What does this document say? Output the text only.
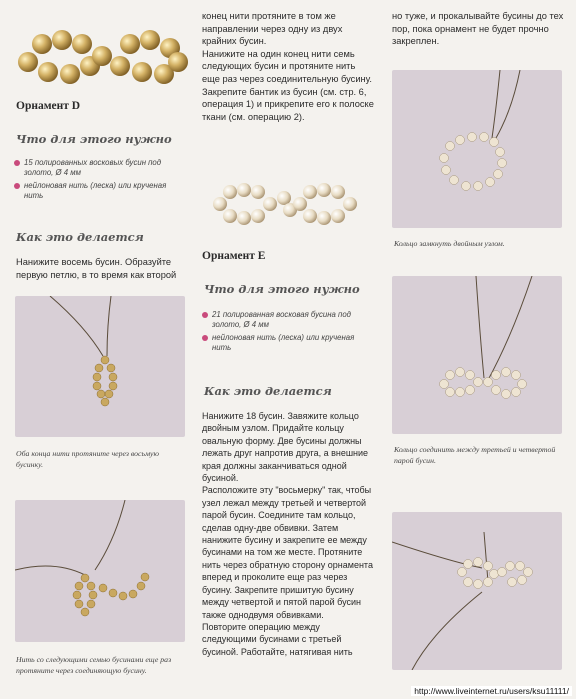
Орнамент D
Что для этого нужно
15 полированных восковых бусин под золото, Ø 4 мм
нейлоновая нить (леска) или крученая нить
Как это делается
Нанижите восемь бусин. Образуйте первую петлю, в то время как второй
Оба конца нити протяните через восьмую бусинку.
Нить со следующими семью бусинами еще раз протяните через соединяющую бусину.
конец нити протяните в том же направлении через одну из двух крайних бусин.
Нанижите на один конец нити семь следующих бусин и протяните нить еще раз через соединительную бусину. Закрепите бантик из бусин (см. стр. 6, операция 1) и прикрепите его к полоске ткани (см. операцию 2).
Орнамент E
Что для этого нужно
21 полированная восковая бусина под золото, Ø 4 мм
нейлоновая нить (леска) или крученая нить
Как это делается
Нанижите 18 бусин. Завяжите кольцо двойным узлом. Придайте кольцу овальную форму. Две бусины должны лежать друг напротив друга, а внешние края должны заканчиваться одной бусиной.
Расположите эту "восьмерку" так, чтобы узел лежал между третьей и четвертой парой бусин. Соедините там кольцо, сделав одну-две обвивки. Затем нанижите бусину и закрепите ее между бусинами на том же месте. Протяните нить через обратную сторону орнамента вперед и проколите еще раз через бусину. Закрепите пришитую бусину между четвертой и пятой парой бусин также однодвумя обвивками.
Повторите операцию между следующими бусинами с третьей бусиной. Работайте, натягивая нить
но туже, и прокалывайте бусины до тех пор, пока орнамент не будет прочно закреплен.
Кольцо замкнуть двойным узлом.
Кольцо соединить между третьей и четвертой парой бусин.
http://www.liveinternet.ru/users/ksu11111/
